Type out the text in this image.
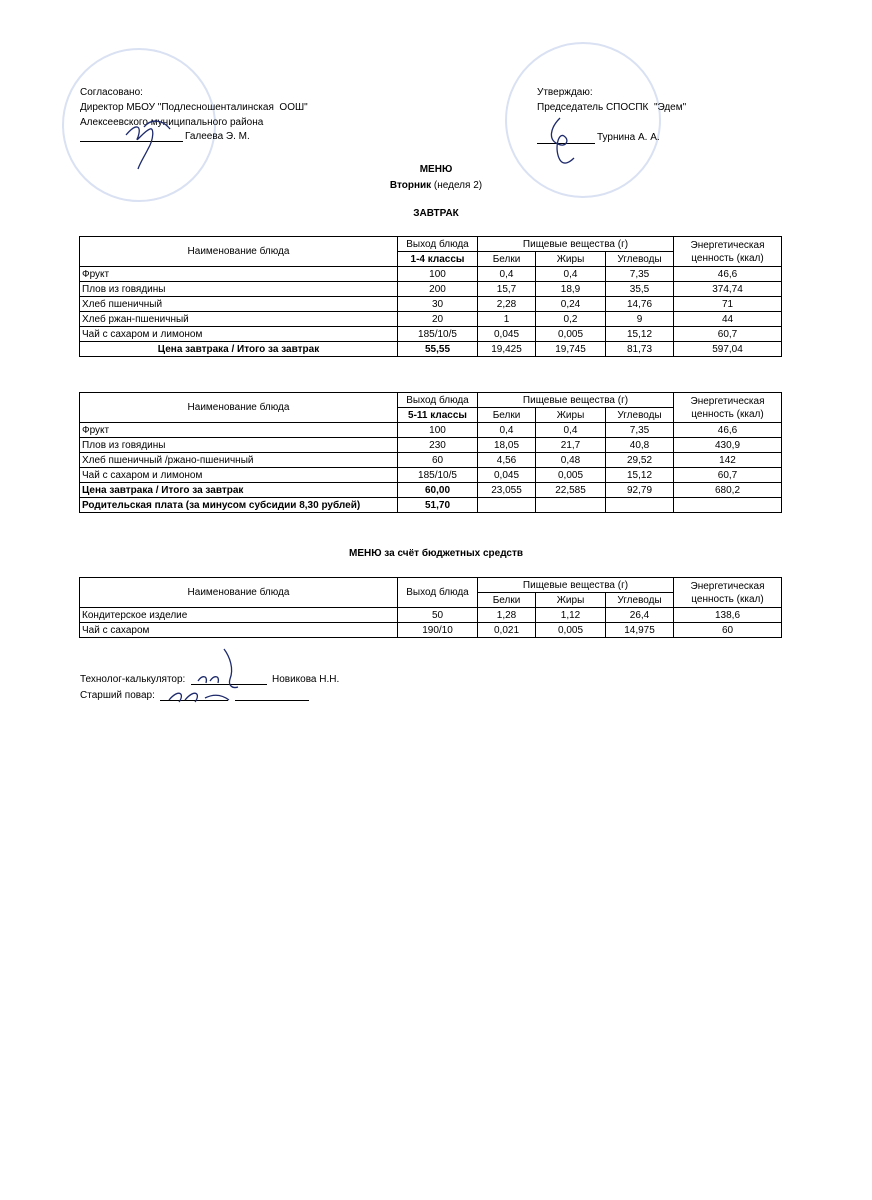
Согласовано:
Директор МБОУ "Подлесношенталинская  ООШ"
Алексеевского муниципального района
Галеева Э. М.
Утверждаю:
Председатель СПОСПК  "Эдем"
Турнина А. А.
МЕНЮ
Вторник (неделя 2)
ЗАВТРАК
Наименование блюда	Выход блюда	Пищевые вещества (г)			Энергетическая ценность (ккал)
	1-4 классы	Белки	Жиры	Углеводы	
Фрукт	100	0,4	0,4	7,35	46,6
Плов из говядины	200	15,7	18,9	35,5	374,74
Хлеб пшеничный	30	2,28	0,24	14,76	71
Хлеб ржан-пшеничный	20	1	0,2	9	44
Чай с сахаром и лимоном	185/10/5	0,045	0,005	15,12	60,7
Цена завтрака / Итого за завтрак	55,55	19,425	19,745	81,73	597,04
Наименование блюда	Выход блюда	Пищевые вещества (г)			Энергетическая ценность (ккал)
	5-11 классы	Белки	Жиры	Углеводы	
Фрукт	100	0,4	0,4	7,35	46,6
Плов из говядины	230	18,05	21,7	40,8	430,9
Хлеб пшеничный /ржано-пшеничный	60	4,56	0,48	29,52	142
Чай с сахаром и лимоном	185/10/5	0,045	0,005	15,12	60,7
Цена завтрака / Итого за завтрак	60,00	23,055	22,585	92,79	680,2
Родительская плата (за минусом субсидии 8,30 рублей)	51,70				
МЕНЮ за счёт бюджетных средств
Наименование блюда	Выход блюда	Пищевые вещества (г)			Энергетическая ценность (ккал)
		Белки	Жиры	Углеводы	
Кондитерское изделие	50	1,28	1,12	26,4	138,6
Чай с сахаром	190/10	0,021	0,005	14,975	60
Технолог-калькулятор:	Новикова Н.Н.
Старший повар:
